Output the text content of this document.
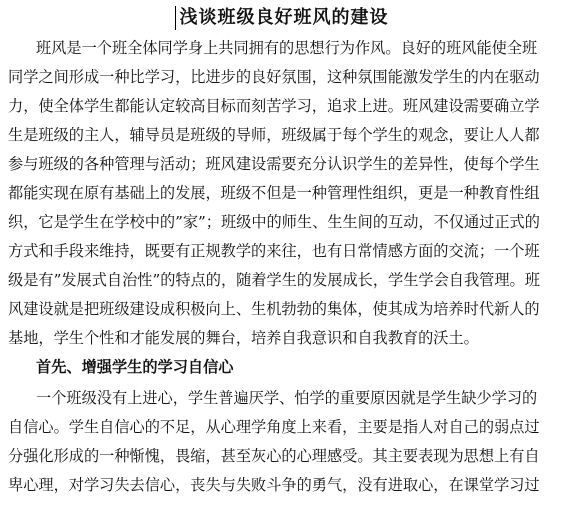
浅谈班级良好班风的建设
班风是一个班全体同学身上共同拥有的思想行为作风。良好的班风能使全班
同学之间形成一种比学习，比进步的良好氛围，这种氛围能激发学生的内在驱动
力，使全体学生都能认定较高目标而刻苦学习，追求上进。班风建设需要确立学
生是班级的主人，辅导员是班级的导师，班级属于每个学生的观念，要让人人都
参与班级的各种管理与活动；班风建设需要充分认识学生的差异性，使每个学生
都能实现在原有基础上的发展，班级不但是一种管理性组织，更是一种教育性组
织，它是学生在学校中的”家”；班级中的师生、生生间的互动，不仅通过正式的
方式和手段来维持，既要有正规教学的来往，也有日常情感方面的交流；一个班
级是有”发展式自治性”的特点的，随着学生的发展成长，学生学会自我管理。班
风建设就是把班级建设成积极向上、生机勃勃的集体，使其成为培养时代新人的
基地，学生个性和才能发展的舞台，培养自我意识和自我教育的沃土。
首先、增强学生的学习自信心
一个班级没有上进心，学生普遍厌学、怕学的重要原因就是学生缺少学习的
自信心。学生自信心的不足，从心理学角度上来看，主要是指人对自己的弱点过
分强化形成的一种惭愧，畏缩，甚至灰心的心理感受。其主要表现为思想上有自
卑心理，对学习失去信心，丧失与失败斗争的勇气，没有进取心，在课堂学习过
